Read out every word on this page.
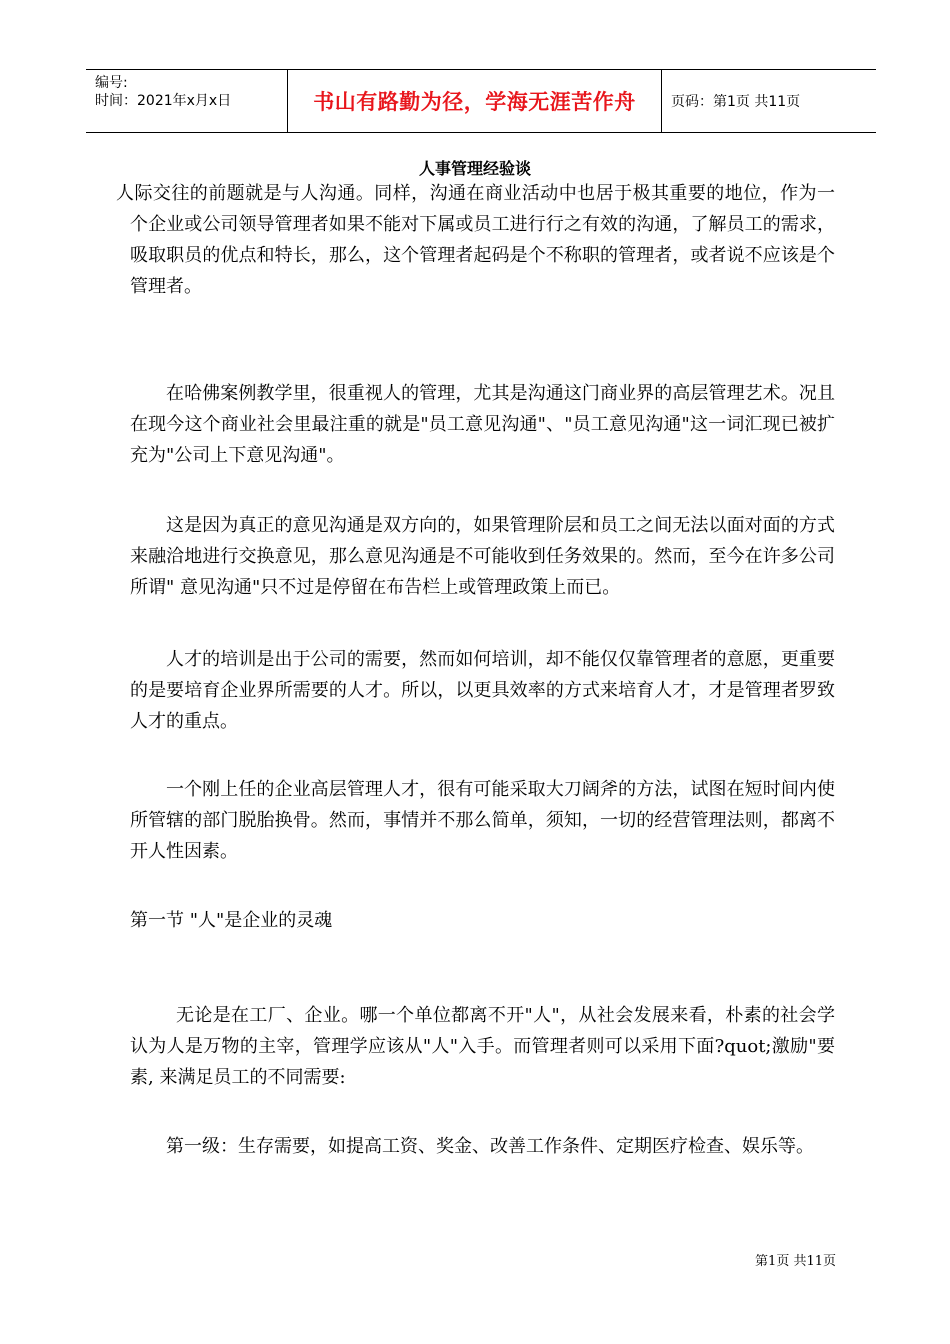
编号:
时间：2021年x月x日	书山有路勤为径，学海无涯苦作舟	页码：第1页 共11页
人事管理经验谈

人际交往的前题就是与人沟通。同样，沟通在商业活动中也居于极其重要的地位，作为一个企业或公司领导管理者如果不能对下属或员工进行行之有效的沟通，了解员工的需求，吸取职员的优点和特长，那么，这个管理者起码是个不称职的管理者，或者说不应该是个管理者。

在哈佛案例教学里，很重视人的管理，尤其是沟通这门商业界的高层管理艺术。况且在现今这个商业社会里最注重的就是"员工意见沟通"、"员工意见沟通"这一词汇现已被扩充为"公司上下意见沟通"。

这是因为真正的意见沟通是双方向的，如果管理阶层和员工之间无法以面对面的方式来融洽地进行交换意见，那么意见沟通是不可能收到任务效果的。然而，至今在许多公司所谓" 意见沟通"只不过是停留在布告栏上或管理政策上而已。

人才的培训是出于公司的需要，然而如何培训，却不能仅仅靠管理者的意愿，更重要的是要培育企业界所需要的人才。所以，以更具效率的方式来培育人才，才是管理者罗致人才的重点。

一个刚上任的企业高层管理人才，很有可能采取大刀阔斧的方法，试图在短时间内使所管辖的部门脱胎换骨。然而，事情并不那么简单，须知，一切的经营管理法则，都离不开人性因素。

第一节 "人"是企业的灵魂

无论是在工厂、企业。哪一个单位都离不开"人"，从社会发展来看，朴素的社会学认为人是万物的主宰，管理学应该从"人"入手。而管理者则可以采用下面?quot;激励"要素, 来满足员工的不同需要:

第一级：生存需要，如提高工资、奖金、改善工作条件、定期医疗检查、娱乐等。

第1页 共11页
